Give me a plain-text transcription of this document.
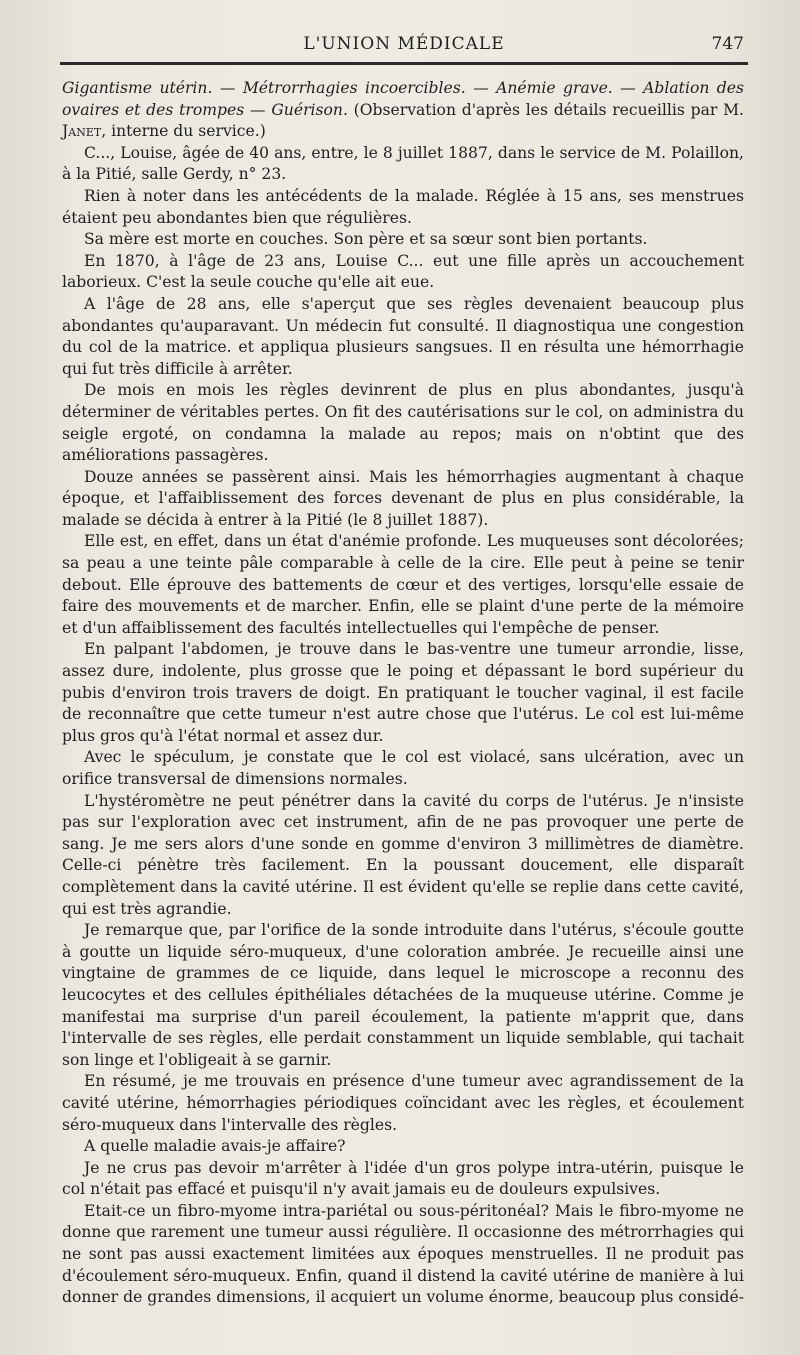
L'UNION MÉDICALE	747

Gigantisme utérin. — Métrorrhagies incoercibles. — Anémie grave. — Ablation des ovaires et des trompes — Guérison. (Observation d'après les détails recueillis par M. Janet, interne du service.)

C..., Louise, âgée de 40 ans, entre, le 8 juillet 1887, dans le service de M. Polaillon, à la Pitié, salle Gerdy, n° 23.

Rien à noter dans les antécédents de la malade. Réglée à 15 ans, ses menstrues étaient peu abondantes bien que régulières.

Sa mère est morte en couches. Son père et sa sœur sont bien portants.

En 1870, à l'âge de 23 ans, Louise C... eut une fille après un accouchement laborieux. C'est la seule couche qu'elle ait eue.

A l'âge de 28 ans, elle s'aperçut que ses règles devenaient beaucoup plus abondantes qu'auparavant. Un médecin fut consulté. Il diagnostiqua une congestion du col de la matrice. et appliqua plusieurs sangsues. Il en résulta une hémorrhagie qui fut très difficile à arrêter.

De mois en mois les règles devinrent de plus en plus abondantes, jusqu'à déterminer de véritables pertes. On fit des cautérisations sur le col, on administra du seigle ergoté, on condamna la malade au repos; mais on n'obtint que des améliorations passagères.

Douze années se passèrent ainsi. Mais les hémorrhagies augmentant à chaque époque, et l'affaiblissement des forces devenant de plus en plus considérable, la malade se décida à entrer à la Pitié (le 8 juillet 1887).

Elle est, en effet, dans un état d'anémie profonde. Les muqueuses sont décolorées; sa peau a une teinte pâle comparable à celle de la cire. Elle peut à peine se tenir debout. Elle éprouve des battements de cœur et des vertiges, lorsqu'elle essaie de faire des mouvements et de marcher. Enfin, elle se plaint d'une perte de la mémoire et d'un affaiblissement des facultés intellectuelles qui l'empêche de penser.

En palpant l'abdomen, je trouve dans le bas-ventre une tumeur arrondie, lisse, assez dure, indolente, plus grosse que le poing et dépassant le bord supérieur du pubis d'environ trois travers de doigt. En pratiquant le toucher vaginal, il est facile de reconnaître que cette tumeur n'est autre chose que l'utérus. Le col est lui-même plus gros qu'à l'état normal et assez dur.

Avec le spéculum, je constate que le col est violacé, sans ulcération, avec un orifice transversal de dimensions normales.

L'hystéromètre ne peut pénétrer dans la cavité du corps de l'utérus. Je n'insiste pas sur l'exploration avec cet instrument, afin de ne pas provoquer une perte de sang. Je me sers alors d'une sonde en gomme d'environ 3 millimètres de diamètre. Celle-ci pénètre très facilement. En la poussant doucement, elle disparaît complètement dans la cavité utérine. Il est évident qu'elle se replie dans cette cavité, qui est très agrandie.

Je remarque que, par l'orifice de la sonde introduite dans l'utérus, s'écoule goutte à goutte un liquide séro-muqueux, d'une coloration ambrée. Je recueille ainsi une vingtaine de grammes de ce liquide, dans lequel le microscope a reconnu des leucocytes et des cellules épithéliales détachées de la muqueuse utérine. Comme je manifestai ma surprise d'un pareil écoulement, la patiente m'apprit que, dans l'intervalle de ses règles, elle perdait constamment un liquide semblable, qui tachait son linge et l'obligeait à se garnir.

En résumé, je me trouvais en présence d'une tumeur avec agrandissement de la cavité utérine, hémorrhagies périodiques coïncidant avec les règles, et écoulement séro-muqueux dans l'intervalle des règles.

A quelle maladie avais-je affaire?

Je ne crus pas devoir m'arrêter à l'idée d'un gros polype intra-utérin, puisque le col n'était pas effacé et puisqu'il n'y avait jamais eu de douleurs expulsives.

Etait-ce un fibro-myome intra-pariétal ou sous-péritonéal? Mais le fibro-myome ne donne que rarement une tumeur aussi régulière. Il occasionne des métrorrhagies qui ne sont pas aussi exactement limitées aux époques menstruelles. Il ne produit pas d'écoulement séro-muqueux. Enfin, quand il distend la cavité utérine de manière à lui donner de grandes dimensions, il acquiert un volume énorme, beaucoup plus considé-
